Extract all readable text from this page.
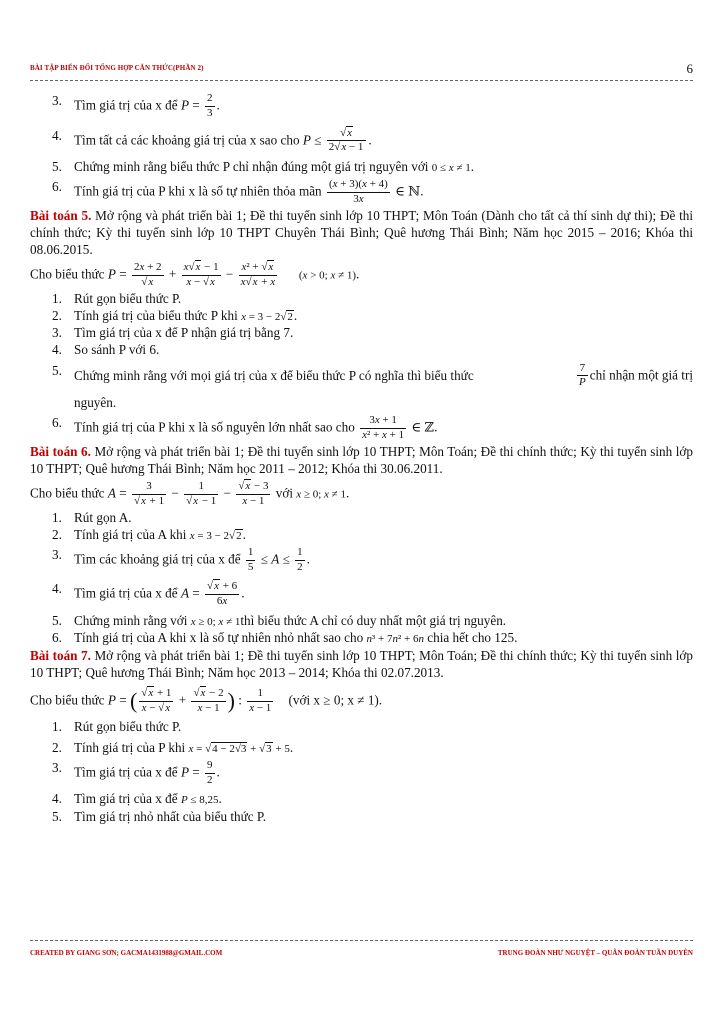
BÀI TẬP BIẾN ĐỔI TỔNG HỢP CĂN THỨC(PHẦN 2)	6
3. Tìm giá trị của x để $P = \frac{2}{3}$ .
4. Tìm tất cả các khoảng giá trị của x sao cho $P \le \frac{√x}{2√x - 1}$ .
5. Chứng minh rằng biểu thức P chỉ nhận đúng một giá trị nguyên với 0 ≤ x ≠ 1.
6. Tính giá trị của P khi x là số tự nhiên thỏa mãn $\frac{(x + 3)(x + 4)}{3x}$ ∈ ℕ.

Bài toán 5. Mở rộng và phát triển bài 1; Đề thi tuyển sinh lớp 10 THPT; Môn Toán (Dành cho tất cả thí sinh dự thi); Đề thi chính thức; Kỳ thi tuyển sinh lớp 10 THPT Chuyên Thái Bình; Quê hương Thái Bình; Năm học 2015 – 2016; Khóa thi 08.06.2015.

Cho biểu thức $P = \frac{2x + 2}{√x} + \frac{x√x - 1}{x - √x} - \frac{\text{x² + √x}}{x√x + x} (x > 0$; x ≠ 1).

1. Rút gọn biểu thức P.
2. Tính giá trị của biểu thức P khi x = 3 − 2√2.
3. Tìm giá trị của x để P nhận giá trị bằng 7.
4. So sánh P với 6.
5. Chứng minh rằng với mọi giá trị của x để biểu thức P có nghĩa thì biểu thức	$\frac{7}{P}$ chỉ nhận một giá trị
nguyên.
6. Tính giá trị của P khi x là số nguyên lớn nhất sao cho $\frac{3x + 1}{\text{x² + x + 1}}$ ∈ ℤ.

Bài toán 6. Mở rộng và phát triển bài 1; Đề thi tuyển sinh lớp 10 THPT; Môn Toán; Đề thi chính thức; Kỳ thi tuyển sinh lớp 10 THPT; Quê hương Thái Bình; Năm học 2011 – 2012; Khóa thi 30.06.2011.

Cho biểu thức $A = \frac{3}{√x + 1} - \frac{1}{√x - 1} - \frac{√x - 3}{x - 1}$ với x ≥ 0; x ≠ 1.

1. Rút gọn A.
2. Tính giá trị của A khi x = 3 − 2√2.
3. Tìm các khoảng giá trị của x để $\frac{1}{5} \le A \le \frac{1}{2}$ .
4. Tìm giá trị của x để $A = \frac{√x + 6}{6x}$ .
5. Chứng minh rằng với x ≥ 0; x ≠ 1thì biểu thức A chỉ có duy nhất một giá trị nguyên.
6. Tính giá trị của A khi x là số tự nhiên nhỏ nhất sao cho n³ + 7n² + 6n chia hết cho 125.

Bài toán 7. Mở rộng và phát triển bài 1; Đề thi tuyển sinh lớp 10 THPT; Môn Toán; Đề thi chính thức; Kỳ thi tuyển sinh lớp 10 THPT; Quê hương Thái Bình; Năm học 2013 – 2014; Khóa thi 02.07.2013.

Cho biểu thức P = ( $\frac{√x + 1}{x - √x} + \frac{√x - 2}{x - 1}$ ) : $\frac{1}{x - 1}$ (với x ≥ 0; x ≠ 1).

1. Rút gọn biểu thức P.
2. Tính giá trị của P khi x = √4 − 2√3 + √3 + 5.
3. Tìm giá trị của x để $P = \frac{9}{2}$ .
4. Tìm giá trị của x để P ≤ 8,25.
5. Tìm giá trị nhỏ nhất của biểu thức P.
CREATED BY GIANG SƠN; GACMA1431988@GMAIL.COM	TRUNG ĐOÀN NHƯ NGUYỆT – QUÂN ĐOÀN TUẦN DUYÊN
